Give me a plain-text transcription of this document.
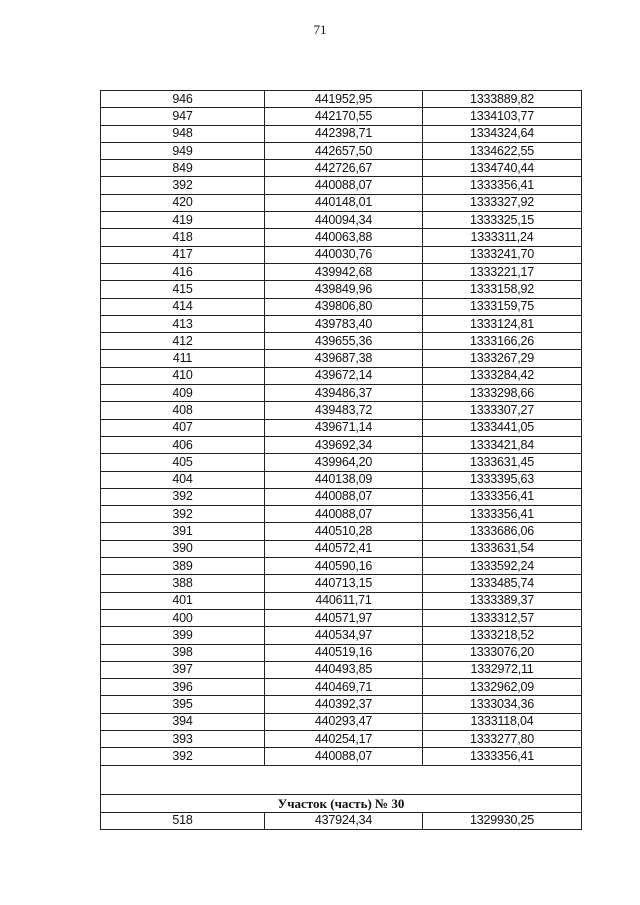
71
946	441952,95	1333889,82
947	442170,55	1334103,77
948	442398,71	1334324,64
949	442657,50	1334622,55
849	442726,67	1334740,44
392	440088,07	1333356,41
420	440148,01	1333327,92
419	440094,34	1333325,15
418	440063,88	1333311,24
417	440030,76	1333241,70
416	439942,68	1333221,17
415	439849,96	1333158,92
414	439806,80	1333159,75
413	439783,40	1333124,81
412	439655,36	1333166,26
411	439687,38	1333267,29
410	439672,14	1333284,42
409	439486,37	1333298,66
408	439483,72	1333307,27
407	439671,14	1333441,05
406	439692,34	1333421,84
405	439964,20	1333631,45
404	440138,09	1333395,63
392	440088,07	1333356,41
392	440088,07	1333356,41
391	440510,28	1333686,06
390	440572,41	1333631,54
389	440590,16	1333592,24
388	440713,15	1333485,74
401	440611,71	1333389,37
400	440571,97	1333312,57
399	440534,97	1333218,52
398	440519,16	1333076,20
397	440493,85	1332972,11
396	440469,71	1332962,09
395	440392,37	1333034,36
394	440293,47	1333118,04
393	440254,17	1333277,80
392	440088,07	1333356,41

Участок (часть) № 30		
518	437924,34	1329930,25
